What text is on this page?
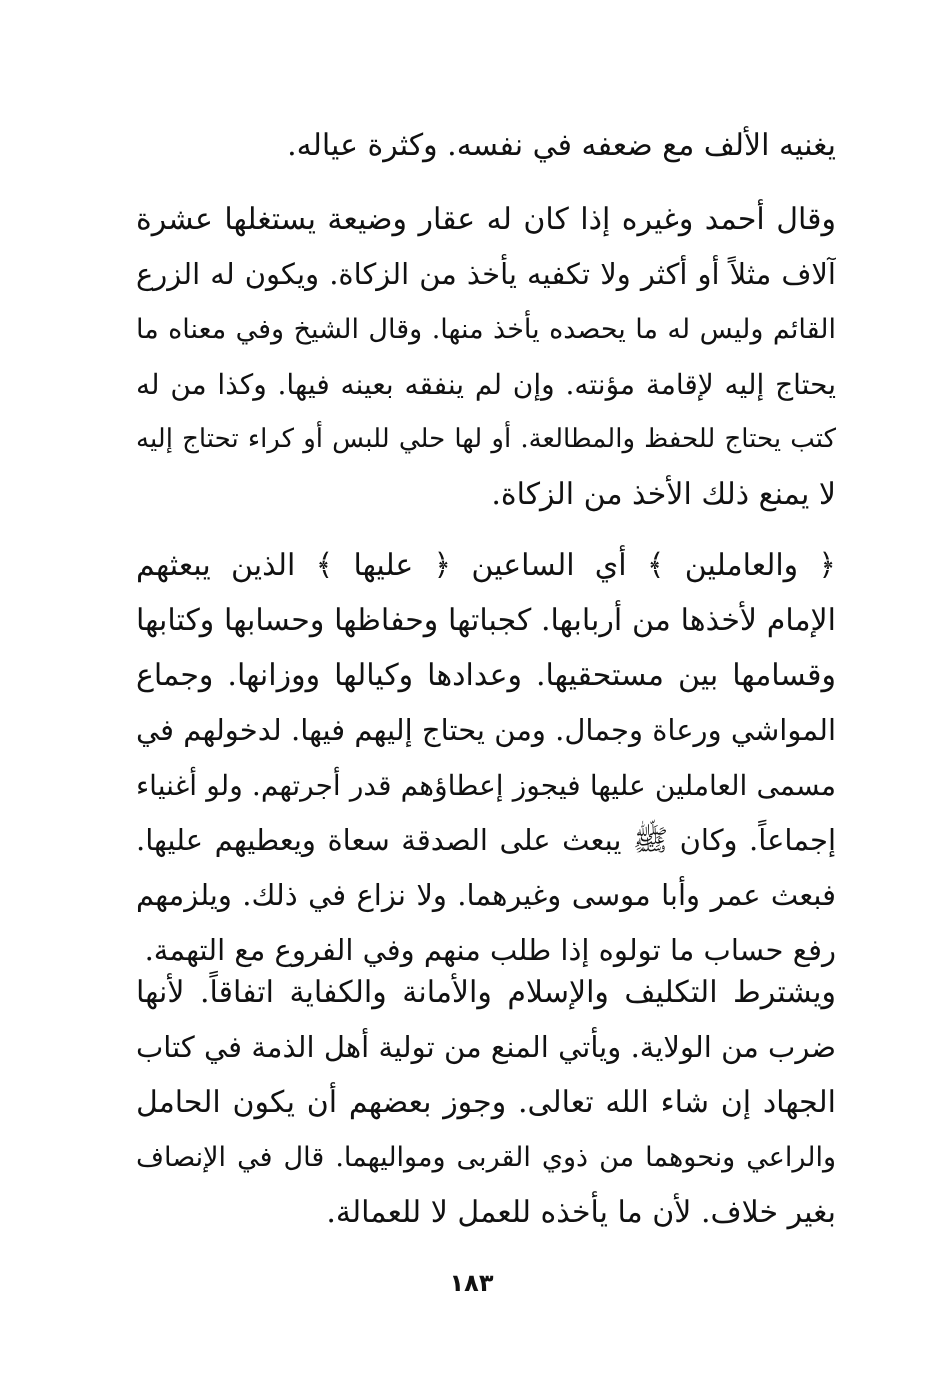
يغنيه الألف مع ضعفه في نفسه. وكثرة عياله.
وقال أحمد وغيره إذا كان له عقار وضيعة يستغلها عشرة
آلاف مثلاً أو أكثر ولا تكفيه يأخذ من الزكاة. ويكون له الزرع
القائم وليس له ما يحصده يأخذ منها. وقال الشيخ وفي معناه ما
يحتاج إليه لإقامة مؤنته. وإن لم ينفقه بعينه فيها. وكذا من له
كتب يحتاج للحفظ والمطالعة. أو لها حلي للبس أو كراء تحتاج إليه
لا يمنع ذلك الأخذ من الزكاة.
﴿ والعاملين ﴾ أي الساعين ﴿ عليها ﴾ الذين يبعثهم
الإمام لأخذها من أربابها. كجباتها وحفاظها وحسابها وكتابها
وقسامها بين مستحقيها. وعدادها وكيالها ووزانها. وجماع
المواشي ورعاة وجمال. ومن يحتاج إليهم فيها. لدخولهم في
مسمى العاملين عليها فيجوز إعطاؤهم قدر أجرتهم. ولو أغنياء
إجماعاً. وكان ﷺ يبعث على الصدقة سعاة ويعطيهم عليها.
فبعث عمر وأبا موسى وغيرهما. ولا نزاع في ذلك. ويلزمهم
رفع حساب ما تولوه إذا طلب منهم وفي الفروع مع التهمة.
ويشترط التكليف والإسلام والأمانة والكفاية اتفاقاً. لأنها
ضرب من الولاية. ويأتي المنع من تولية أهل الذمة في كتاب
الجهاد إن شاء الله تعالى. وجوز بعضهم أن يكون الحامل
والراعي ونحوهما من ذوي القربى ومواليهما. قال في الإنصاف
بغير خلاف. لأن ما يأخذه للعمل لا للعمالة.
١٨٣
